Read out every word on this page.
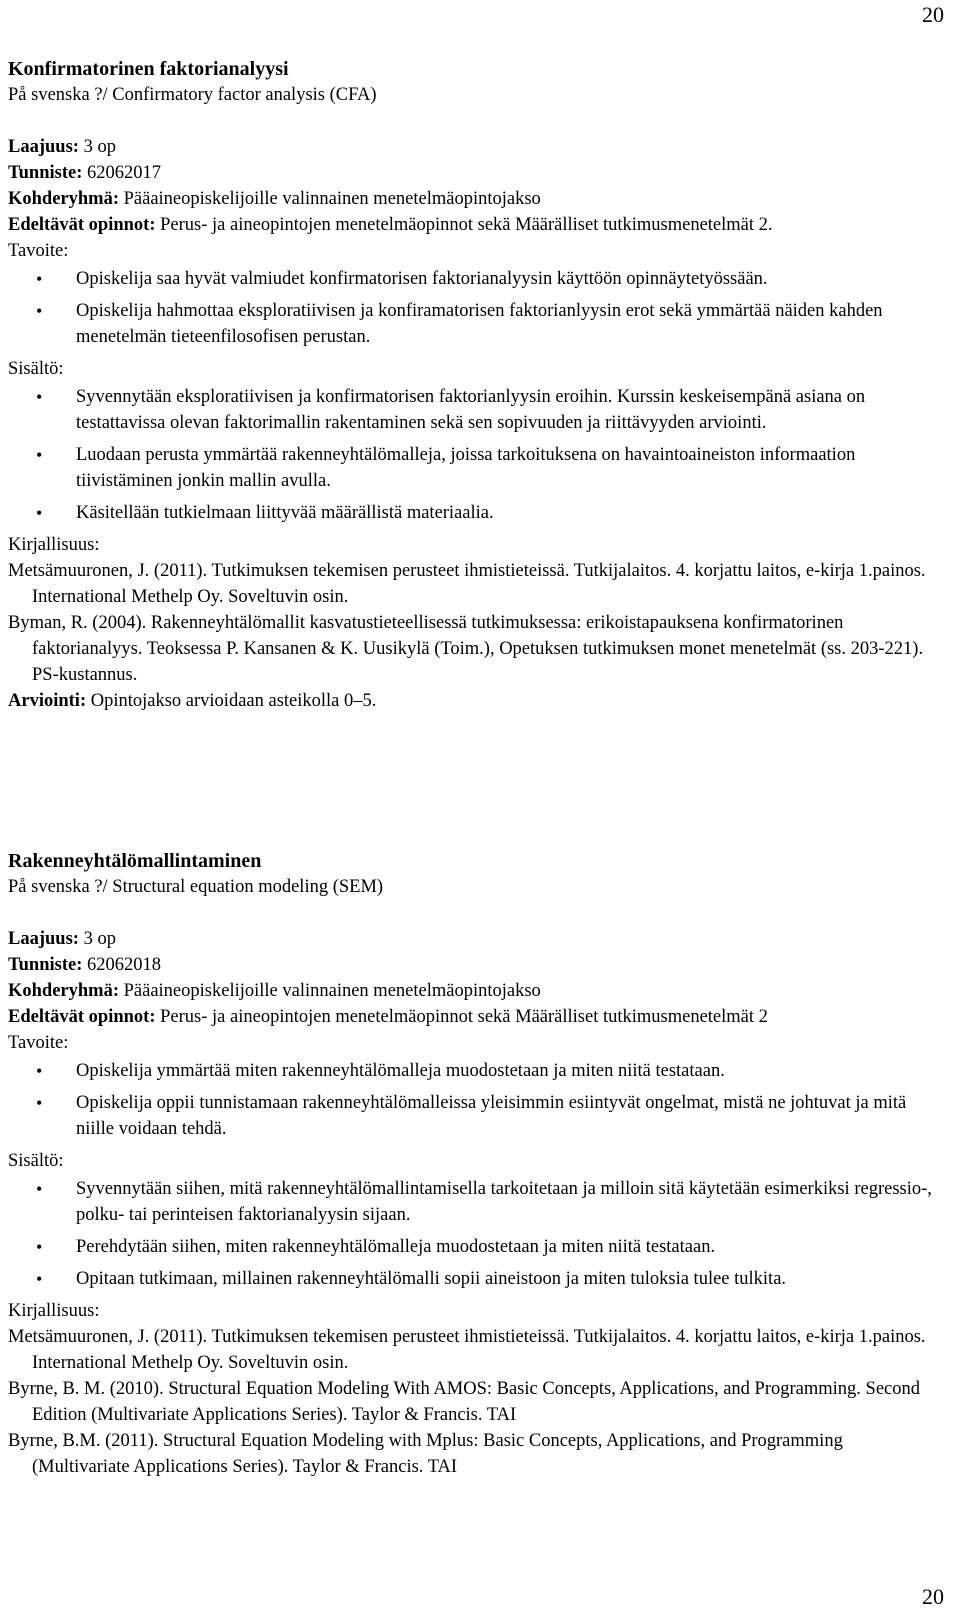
20
Konfirmatorinen faktorianalyysi
På svenska ?/ Confirmatory factor analysis (CFA)
Laajuus: 3 op
Tunniste: 62062017
Kohderyhmä: Pääaineopiskelijoille valinnainen menetelmäopintojakso
Edeltävät opinnot: Perus- ja aineopintojen menetelmäopinnot sekä Määrälliset tutkimusmenetelmät 2.
Tavoite:
• Opiskelija saa hyvät valmiudet konfirmatorisen faktorianalyysin käyttöön opinnäytetyössään.
• Opiskelija hahmottaa eksploratiivisen ja konfiramatorisen faktorianlyysin erot sekä ymmärtää näiden kahden menetelmän tieteenfilosofisen perustan.
Sisältö:
• Syvennytään eksploratiivisen ja konfirmatorisen faktorianlyysin eroihin. Kurssin keskeisempänä asiana on testattavissa olevan faktorimallin rakentaminen sekä sen sopivuuden ja riittävyyden arviointi.
• Luodaan perusta ymmärtää rakenneyhtälömalleja, joissa tarkoituksena on havaintoaineiston informaation tiivistäminen jonkin mallin avulla.
• Käsitellään tutkielmaan liittyvää määrällistä materiaalia.
Kirjallisuus:
Metsämuuronen, J. (2011). Tutkimuksen tekemisen perusteet ihmistieteissä. Tutkijalaitos. 4. korjattu laitos, e-kirja 1.painos. International Methelp Oy. Soveltuvin osin.
Byman, R. (2004). Rakenneyhtälömallit kasvatustieteellisessä tutkimuksessa: erikoistapauksena konfirmatorinen faktorianalyys. Teoksessa P. Kansanen & K. Uusikylä (Toim.), Opetuksen tutkimuksen monet menetelmät (ss. 203-221). PS-kustannus.
Arviointi: Opintojakso arvioidaan asteikolla 0–5.
Rakenneyhtälömallintaminen
På svenska ?/ Structural equation modeling (SEM)
Laajuus: 3 op
Tunniste: 62062018
Kohderyhmä: Pääaineopiskelijoille valinnainen menetelmäopintojakso
Edeltävät opinnot: Perus- ja aineopintojen menetelmäopinnot sekä Määrälliset tutkimusmenetelmät 2
Tavoite:
• Opiskelija ymmärtää miten rakenneyhtälömalleja muodostetaan ja miten niitä testataan.
• Opiskelija oppii tunnistamaan rakenneyhtälömalleissa yleisimmin esiintyvät ongelmat, mistä ne johtuvat ja mitä niille voidaan tehdä.
Sisältö:
• Syvennytään siihen, mitä rakenneyhtälömallintamisella tarkoitetaan ja milloin sitä käytetään esimerkiksi regressio-, polku- tai perinteisen faktorianalyysin sijaan.
• Perehdytään siihen, miten rakenneyhtälömalleja muodostetaan ja miten niitä testataan.
• Opitaan tutkimaan, millainen rakenneyhtälömalli sopii aineistoon ja miten tuloksia tulee tulkita.
Kirjallisuus:
Metsämuuronen, J. (2011). Tutkimuksen tekemisen perusteet ihmistieteissä. Tutkijalaitos. 4. korjattu laitos, e-kirja 1.painos. International Methelp Oy. Soveltuvin osin.
Byrne, B. M. (2010). Structural Equation Modeling With AMOS: Basic Concepts, Applications, and Programming. Second Edition (Multivariate Applications Series). Taylor & Francis. TAI
Byrne, B.M. (2011). Structural Equation Modeling with Mplus: Basic Concepts, Applications, and Programming (Multivariate Applications Series). Taylor & Francis. TAI
20
